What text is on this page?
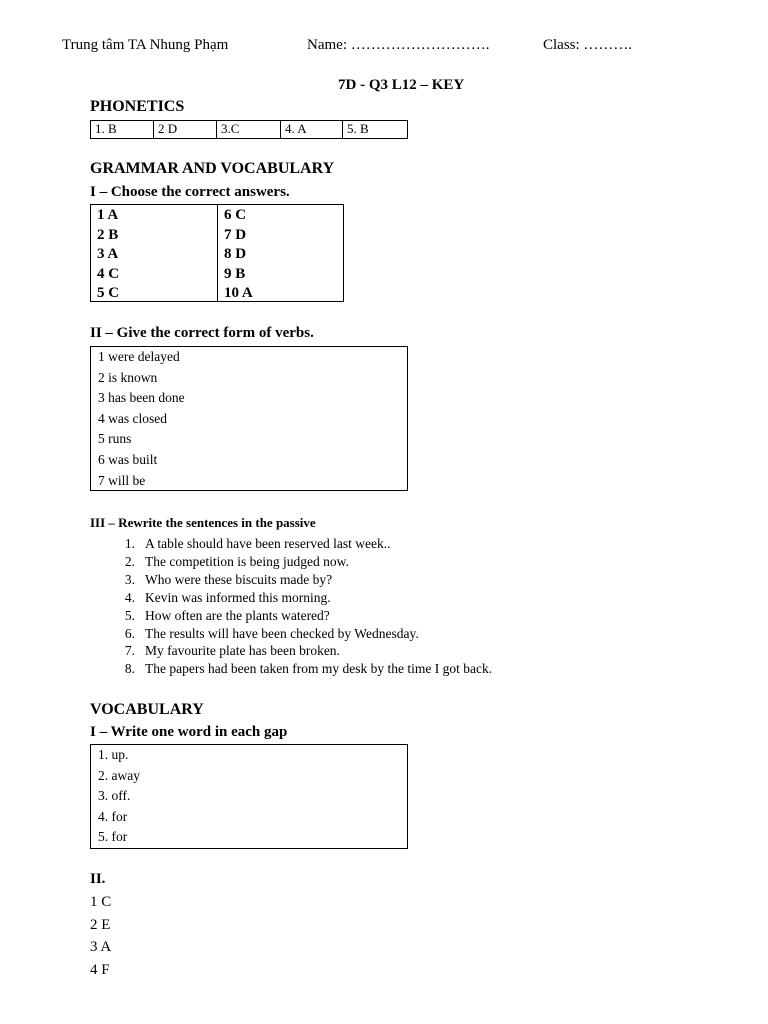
Trung tâm TA Nhung Phạm	Name: ……………………….	Class: ……….
7D - Q3 L12 – KEY
PHONETICS
1. B	2 D	3.C	4. A	5. B
GRAMMAR AND VOCABULARY
I – Choose the correct answers.
1 A
2 B
3 A
4 C
5 C
6 C
7 D
8 D
9 B
10 A
II – Give the correct form of verbs.
1 were delayed
2 is known
3 has been done
4 was closed
5 runs
6 was built
7 will be
III – Rewrite the sentences in the passive
1. A table should have been reserved last week..
2. The competition is being judged now.
3. Who were these biscuits made by?
4. Kevin was informed this morning.
5. How often are the plants watered?
6. The results will have been checked by Wednesday.
7. My favourite plate has been broken.
8. The papers had been taken from my desk by the time I got back.
VOCABULARY
I – Write one word in each gap
1. up.
2. away
3. off.
4. for
5. for
II.
1 C
2 E
3 A
4 F
